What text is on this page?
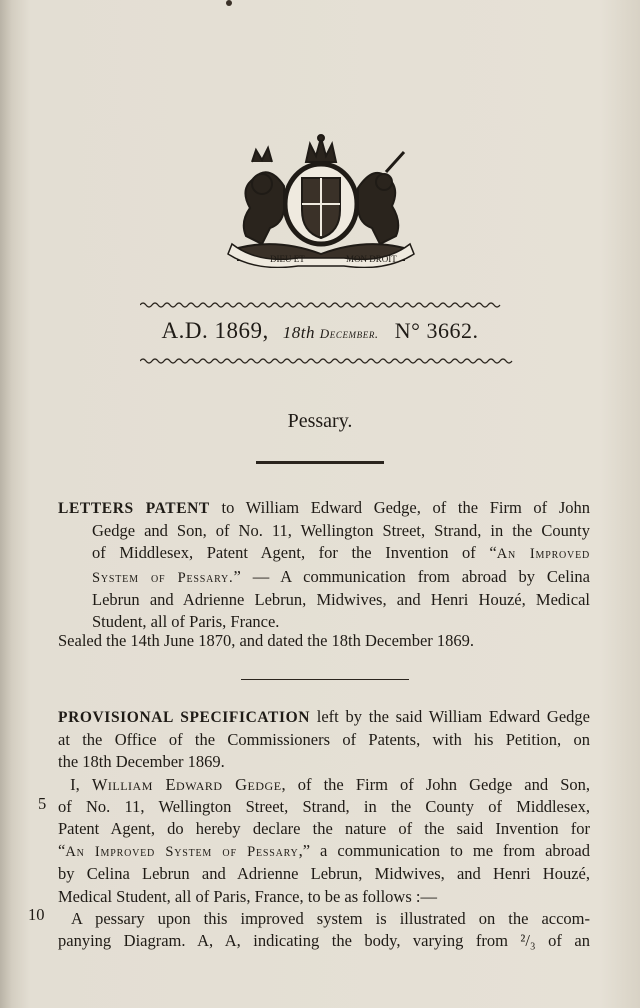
DIEU ET	MON DROIT
A.D. 1869, 18th December. N° 3662.
Pessary.
LETTERS PATENT to William Edward Gedge, of the Firm of John
Gedge and Son, of No. 11, Wellington Street, Strand, in the County
of Middlesex, Patent Agent, for the Invention of “An Improved
System of Pessary.” — A communication from abroad by Celina
Lebrun and Adrienne Lebrun, Midwives, and Henri Houzé, Medical
Student, all of Paris, France.
Sealed the 14th June 1870, and dated the 18th December 1869.
PROVISIONAL SPECIFICATION left by the said William Edward Gedge
at the Office of the Commissioners of Patents, with his Petition, on
the 18th December 1869.
I, William Edward Gedge, of the Firm of John Gedge and Son,
of No. 11, Wellington Street, Strand, in the County of Middlesex,
Patent Agent, do hereby declare the nature of the said Invention for
“An Improved System of Pessary,” a communication to me from abroad
by Celina Lebrun and Adrienne Lebrun, Midwives, and Henri Houzé,
Medical Student, all of Paris, France, to be as follows :—
A pessary upon this improved system is illustrated on the accom-
panying Diagram. A, A, indicating the body, varying from ²/₃ of an
5
10
